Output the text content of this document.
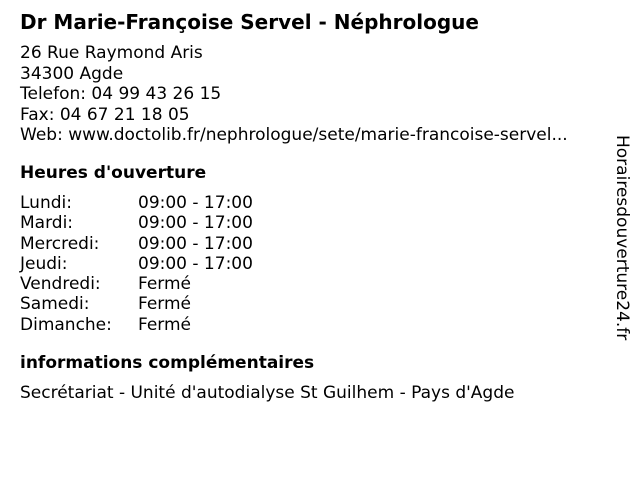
Dr Marie-Françoise Servel - Néphrologue
26 Rue Raymond Aris
34300 Agde
Telefon: 04 99 43 26 15
Fax: 04 67 21 18 05
Web: www.doctolib.fr/nephrologue/sete/marie-francoise-servel...
Heures d'ouverture
Lundi:	09:00 - 17:00
Mardi:	09:00 - 17:00
Mercredi:	09:00 - 17:00
Jeudi:	09:00 - 17:00
Vendredi:	Fermé
Samedi:	Fermé
Dimanche:	Fermé
informations complémentaires
Secrétariat - Unité d'autodialyse St Guilhem - Pays d'Agde
Horairesdouverture24.fr
